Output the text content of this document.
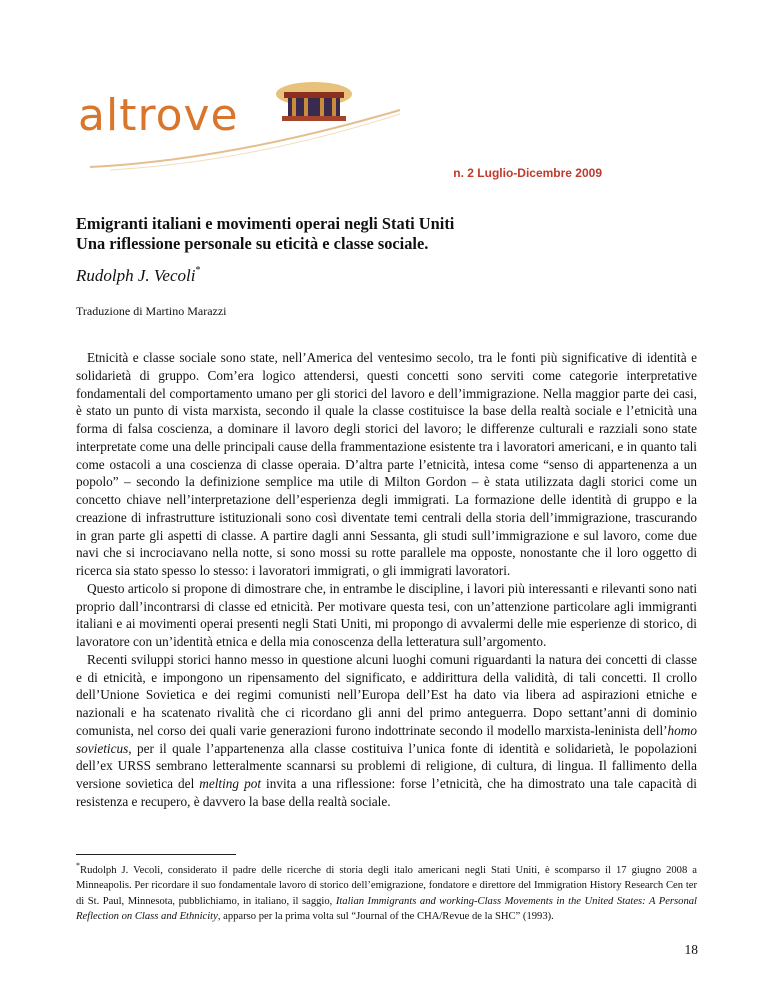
altrove
n. 2 Luglio-Dicembre 2009
Emigranti italiani e movimenti operai negli Stati Uniti
Una riflessione personale su eticità e classe sociale.
Rudolph J. Vecoli*
Traduzione di Martino Marazzi

Etnicità e classe sociale sono state, nell’America del ventesimo secolo, tra le fonti più significative di identità e solidarietà di gruppo. Com’era logico attendersi, questi concetti sono serviti come categorie interpretative fondamentali del comportamento umano per gli storici del lavoro e dell’immigrazione. Nella maggior parte dei casi, è stato un punto di vista marxista, secondo il quale la classe costituisce la base della realtà sociale e l’etnicità una forma di falsa coscienza, a dominare il lavoro degli storici del lavoro; le differenze culturali e razziali sono state interpretate come una delle principali cause della frammentazione esistente tra i lavoratori americani, e in quanto tali come ostacoli a una coscienza di classe operaia. D’altra parte l’etnicità, intesa come “senso di appartenenza a un popolo” – secondo la definizione semplice ma utile di Milton Gordon – è stata utilizzata dagli storici come un concetto chiave nell’interpretazione dell’esperienza degli immigrati. La formazione delle identità di gruppo e la creazione di infrastrutture istituzionali sono così diventate temi centrali della storia dell’immigrazione, trascurando in gran parte gli aspetti di classe. A partire dagli anni Sessanta, gli studi sull’immigrazione e sul lavoro, come due navi che si incrociavano nella notte, si sono mossi su rotte parallele ma opposte, nonostante che il loro oggetto di ricerca sia stato spesso lo stesso: i lavoratori immigrati, o gli immigrati lavoratori.

Questo articolo si propone di dimostrare che, in entrambe le discipline, i lavori più interessanti e rilevanti sono nati proprio dall’incontrarsi di classe ed etnicità. Per motivare questa tesi, con un’attenzione particolare agli immigranti italiani e ai movimenti operai presenti negli Stati Uniti, mi propongo di avvalermi delle mie esperienze di storico, di lavoratore con un’identità etnica e della mia conoscenza della letteratura sull’argomento.

Recenti sviluppi storici hanno messo in questione alcuni luoghi comuni riguardanti la natura dei concetti di classe e di etnicità, e impongono un ripensamento del significato, e addirittura della validità, di tali concetti. Il crollo dell’Unione Sovietica e dei regimi comunisti nell’Europa dell’Est ha dato via libera ad aspirazioni etniche e nazionali e ha scatenato rivalità che ci ricordano gli anni del primo anteguerra. Dopo settant’anni di dominio comunista, nel corso dei quali varie generazioni furono indottrinate secondo il modello marxista-leninista dell’homo sovieticus, per il quale l’appartenenza alla classe costituiva l’unica fonte di identità e solidarietà, le popolazioni dell’ex URSS sembrano letteralmente scannarsi su problemi di religione, di cultura, di lingua. Il fallimento della versione sovietica del melting pot invita a una riflessione: forse l’etnicità, che ha dimostrato una tale capacità di resistenza e recupero, è davvero la base della realtà sociale.

*Rudolph J. Vecoli, considerato il padre delle ricerche di storia degli italo americani negli Stati Uniti, è scomparso il 17 giugno 2008 a Minneapolis. Per ricordare il suo fondamentale lavoro di storico dell’emigrazione, fondatore e direttore del Immigration History Research Cen ter di St. Paul, Minnesota, pubblichiamo, in italiano, il saggio, Italian Immigrants and working-Class Movements in the United States: A Personal Reflection on Class and Ethnicity, apparso per la prima volta sul “Journal of the CHA/Revue de la SHC” (1993).
18
